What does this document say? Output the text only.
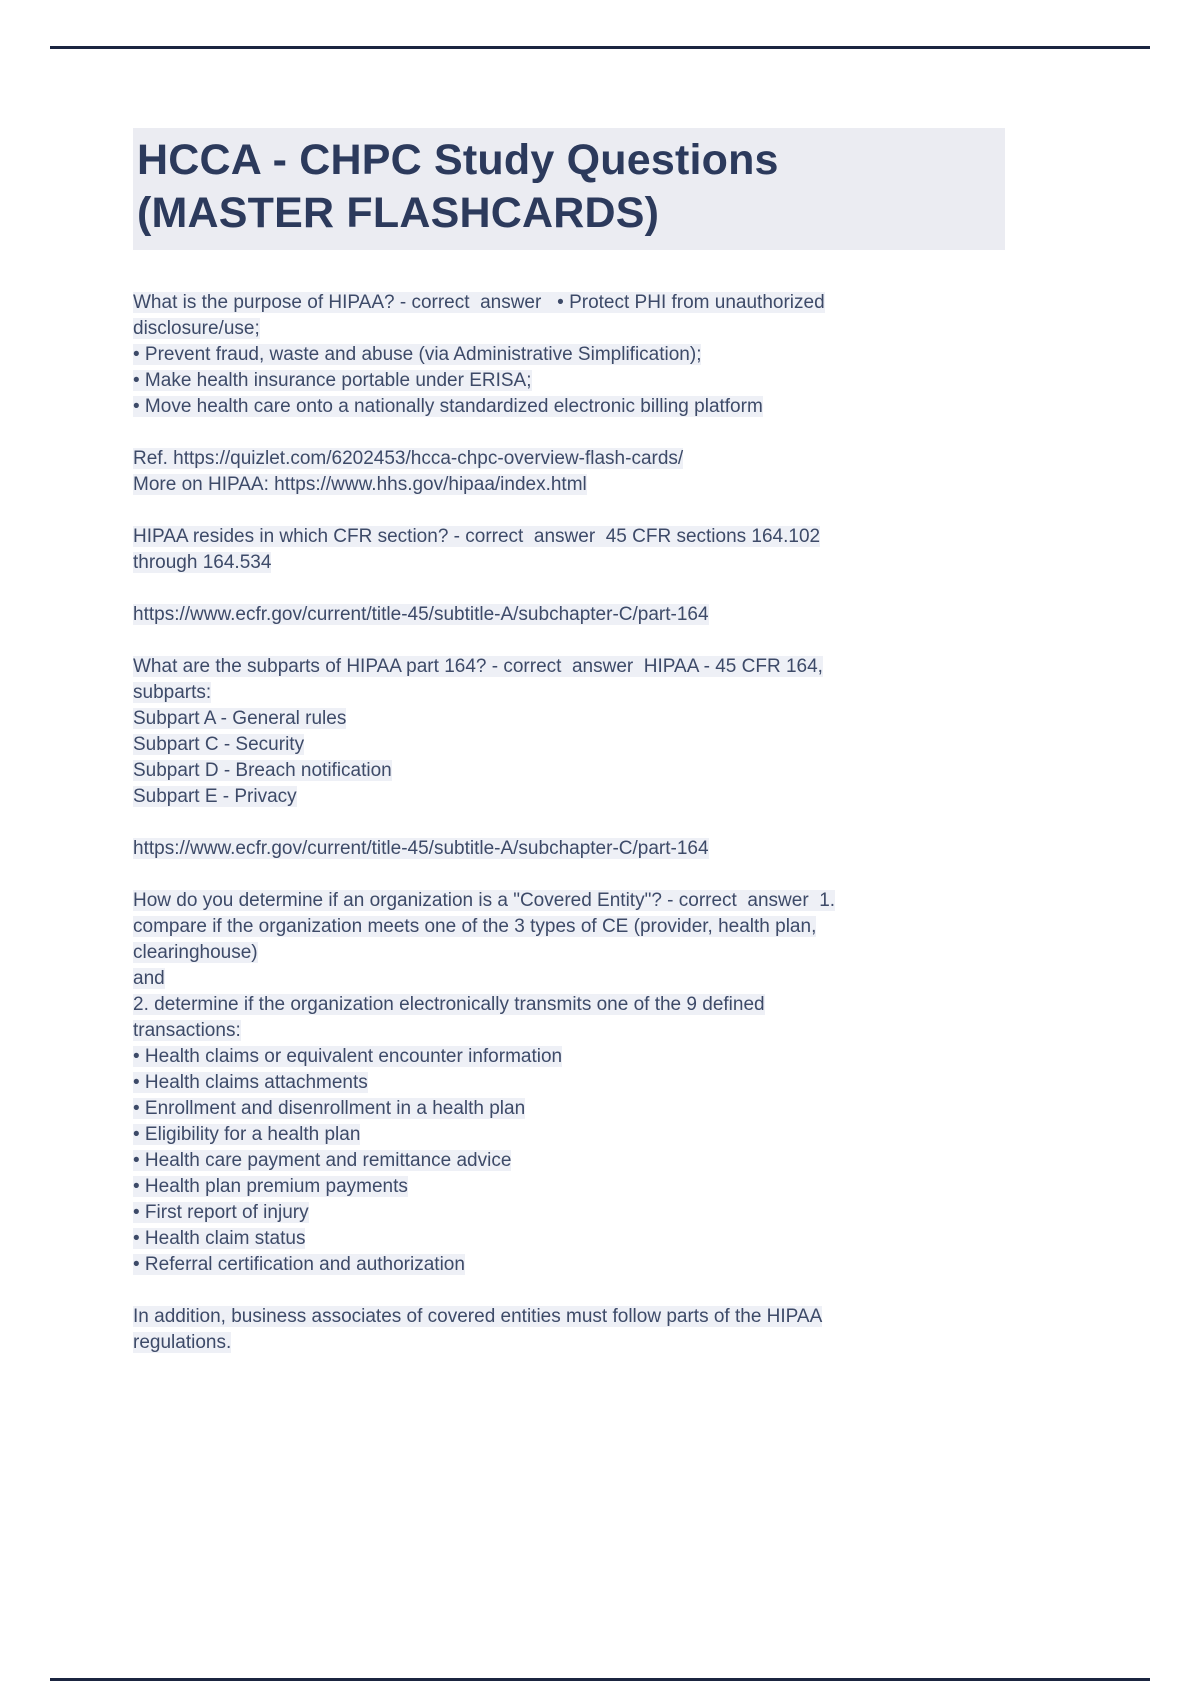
HCCA - CHPC Study Questions
(MASTER FLASHCARDS)
What is the purpose of HIPAA? - correct  answer   • Protect PHI from unauthorized
disclosure/use;
• Prevent fraud, waste and abuse (via Administrative Simplification);
• Make health insurance portable under ERISA;
• Move health care onto a nationally standardized electronic billing platform
Ref. https://quizlet.com/6202453/hcca-chpc-overview-flash-cards/
More on HIPAA: https://www.hhs.gov/hipaa/index.html
HIPAA resides in which CFR section? - correct  answer  45 CFR sections 164.102
through 164.534
https://www.ecfr.gov/current/title-45/subtitle-A/subchapter-C/part-164
What are the subparts of HIPAA part 164? - correct  answer  HIPAA - 45 CFR 164,
subparts:
Subpart A - General rules
Subpart C - Security
Subpart D - Breach notification
Subpart E - Privacy
https://www.ecfr.gov/current/title-45/subtitle-A/subchapter-C/part-164
How do you determine if an organization is a "Covered Entity"? - correct  answer  1.
compare if the organization meets one of the 3 types of CE (provider, health plan,
clearinghouse)
and
2. determine if the organization electronically transmits one of the 9 defined
transactions:
• Health claims or equivalent encounter information
• Health claims attachments
• Enrollment and disenrollment in a health plan
• Eligibility for a health plan
• Health care payment and remittance advice
• Health plan premium payments
• First report of injury
• Health claim status
• Referral certification and authorization
In addition, business associates of covered entities must follow parts of the HIPAA
regulations.
